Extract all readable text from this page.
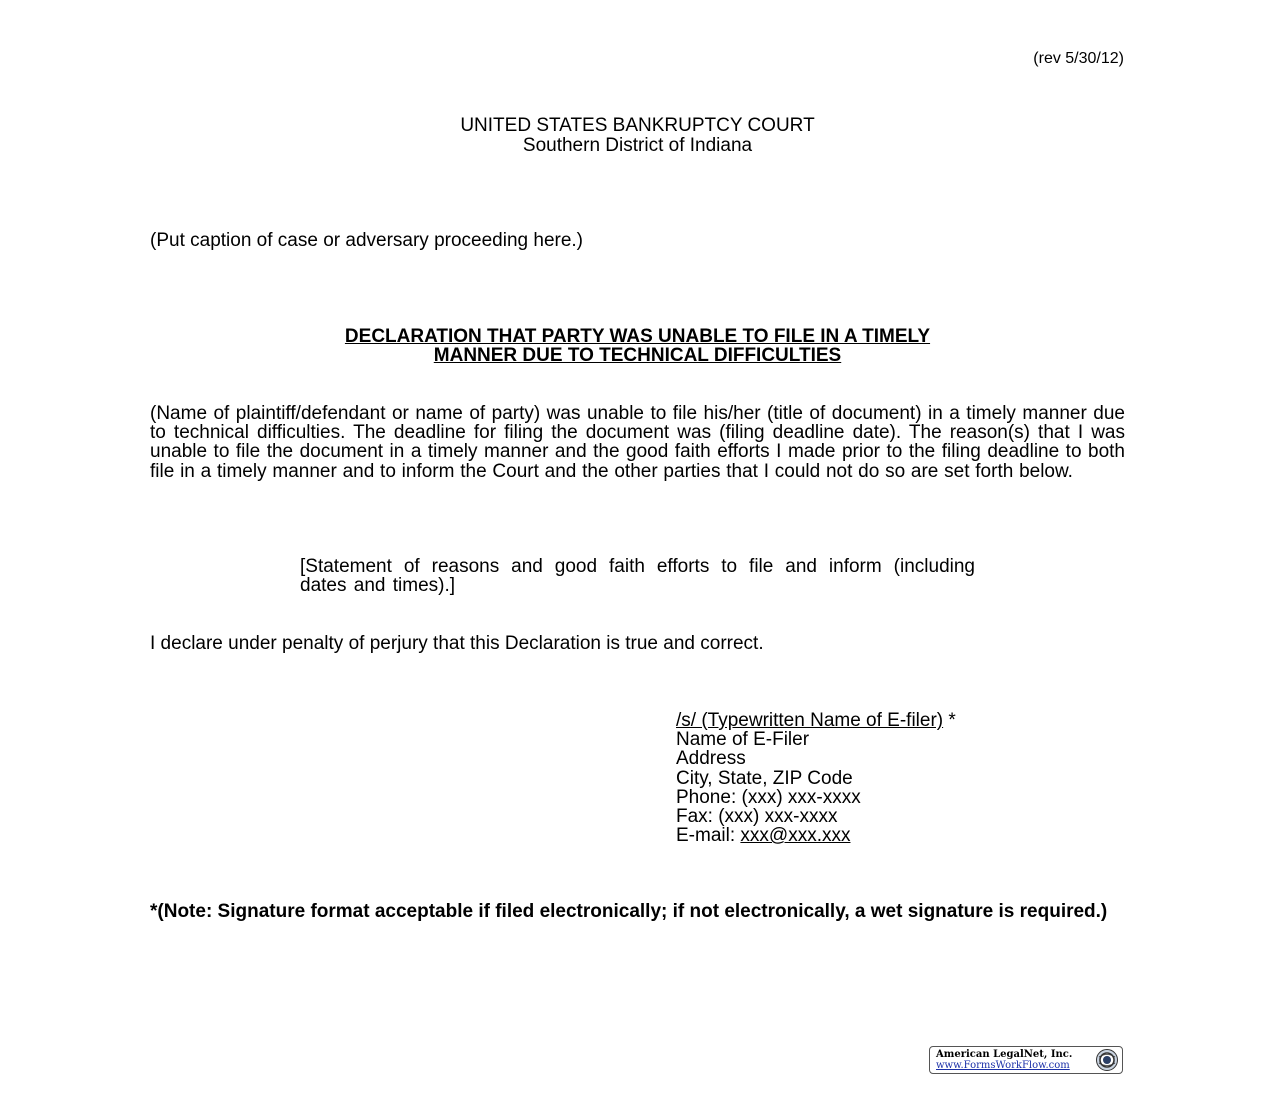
(rev 5/30/12)
UNITED STATES BANKRUPTCY COURT
Southern District of Indiana
(Put caption of case or adversary proceeding here.)
DECLARATION THAT PARTY WAS UNABLE TO FILE IN A TIMELY
MANNER DUE TO TECHNICAL DIFFICULTIES
(Name of plaintiff/defendant or name of party) was unable to file his/her (title of document) in a timely manner due to technical difficulties. The deadline for filing the document was (filing deadline date). The reason(s) that I was unable to file the document in a timely manner and the good faith efforts I made prior to the filing deadline to both file in a timely manner and to inform the Court and the other parties that I could not do so are set forth below.
[Statement of reasons and good faith efforts to file and inform (including dates and times).]
I declare under penalty of perjury that this Declaration is true and correct.
/s/ (Typewritten Name of E-filer) *
Name of E-Filer
Address
City, State, ZIP Code
Phone: (xxx) xxx-xxxx
Fax: (xxx) xxx-xxxx
E-mail: xxx@xxx.xxx
*(Note: Signature format acceptable if filed electronically; if not electronically, a wet signature is required.)
American LegalNet, Inc.
www.FormsWorkFlow.com
